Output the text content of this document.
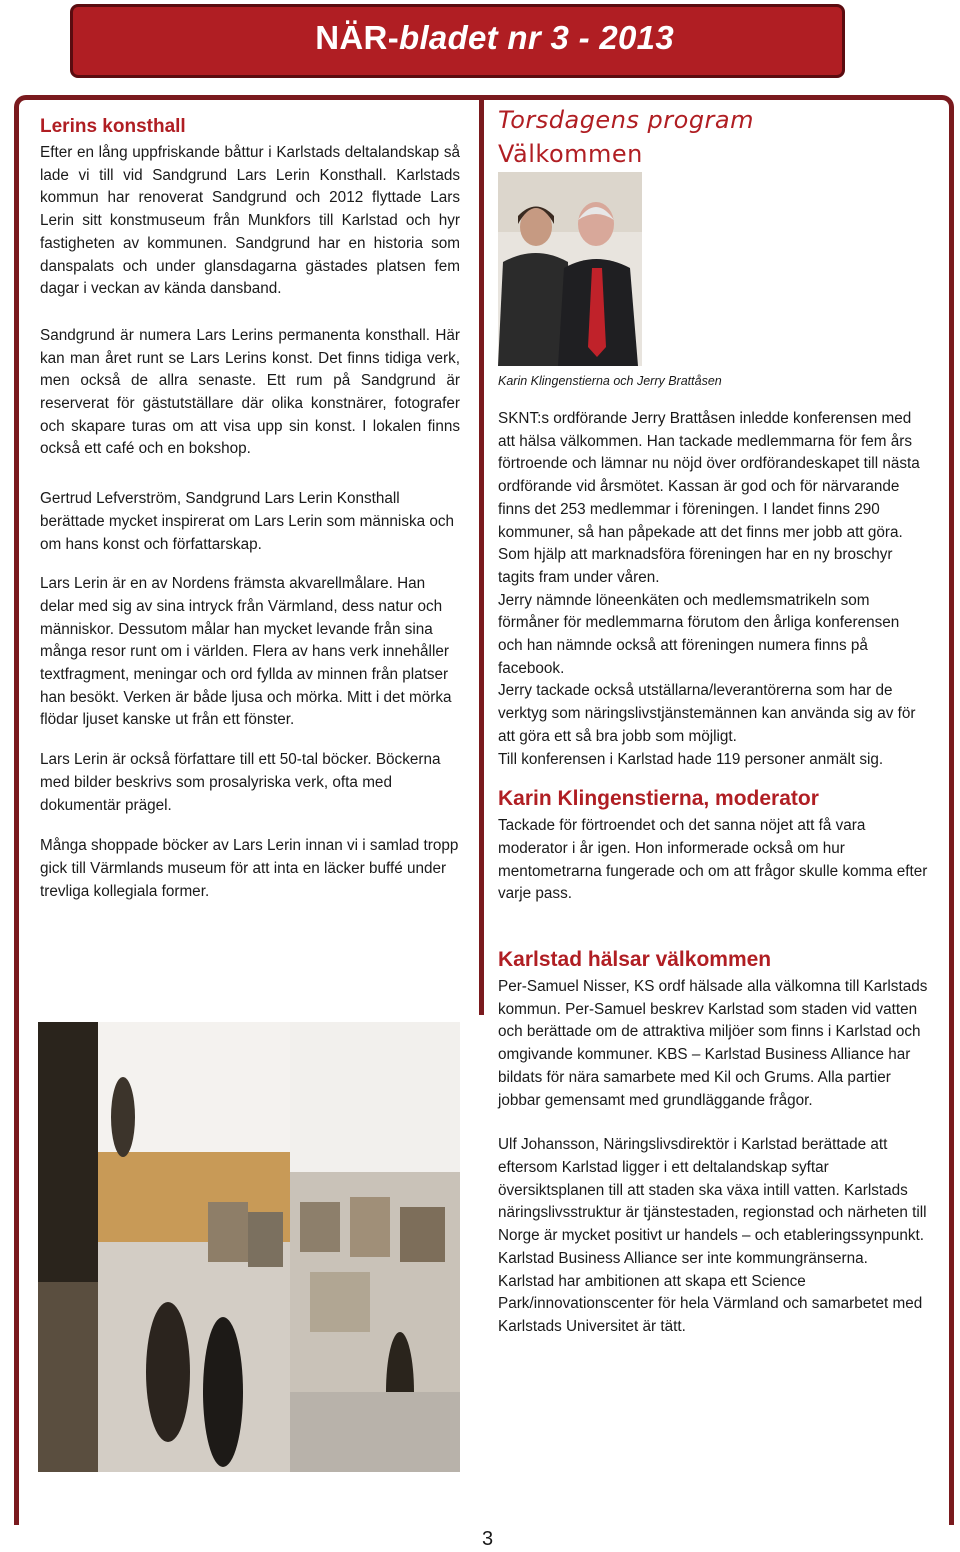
NÄR-bladet nr 3 - 2013
Lerins konsthall

Efter en lång uppfriskande båttur i Karlstads deltalandskap så lade vi till vid Sandgrund Lars Lerin Konsthall. Karlstads kommun har renoverat Sandgrund och 2012 flyttade Lars Lerin sitt konstmuseum från Munkfors till Karlstad och hyr fastigheten av kommunen. Sandgrund har en historia som danspalats och under glansdagarna gästades platsen fem dagar i veckan av kända dansband.

Sandgrund är numera Lars Lerins permanenta konsthall. Här kan man året runt se Lars Lerins konst. Det finns tidiga verk, men också de allra senaste. Ett rum på Sandgrund är reserverat för gästutställare där olika konstnärer, fotografer och skapare turas om att visa upp sin konst. I lokalen finns också ett café och en bokshop.

Gertrud Lefverström, Sandgrund Lars Lerin Konsthall berättade mycket inspirerat om Lars Lerin som människa och om hans konst och författarskap.

Lars Lerin är en av Nordens främsta akvarellmålare. Han delar med sig av sina intryck från Värmland, dess natur och människor. Dessutom målar han mycket levande från sina många resor runt om i världen. Flera av hans verk innehåller textfragment, meningar och ord fyllda av minnen från platser han besökt. Verken är både ljusa och mörka. Mitt i det mörka flödar ljuset kanske ut från ett fönster.

Lars Lerin är också författare till ett 50-tal böcker. Böckerna med bilder beskrivs som prosalyriska verk, ofta med dokumentär prägel.

Många shoppade böcker av Lars Lerin innan vi i samlad tropp gick till Värmlands museum för att inta en läcker buffé under trevliga kollegiala former.

Torsdagens program
Välkommen

Karin Klingenstierna och Jerry Brattåsen

SKNT:s ordförande Jerry Brattåsen inledde konferensen med att hälsa välkommen. Han tackade medlemmarna för fem års förtroende och lämnar nu nöjd över ordförandeskapet till nästa ordförande vid årsmötet. Kassan är god och för närvarande finns det 253 medlemmar i föreningen. I landet finns 290 kommuner, så han påpekade att det finns mer jobb att göra. Som hjälp att marknadsföra föreningen har en ny broschyr tagits fram under våren.

Jerry nämnde löneenkäten och medlemsmatrikeln som förmåner för medlemmarna förutom den årliga konferensen och han nämnde också att föreningen numera finns på facebook.

Jerry tackade också utställarna/leverantörerna som har de verktyg som näringslivstjänstemännen kan använda sig av för att göra ett så bra jobb som möjligt.

Till konferensen i Karlstad hade 119 personer anmält sig.

Karin Klingenstierna, moderator

Tackade för förtroendet och det sanna nöjet att få vara moderator i år igen. Hon informerade också om hur mentometrarna fungerade och om att frågor skulle komma efter varje pass.

Karlstad hälsar välkommen

Per-Samuel Nisser, KS ordf hälsade alla välkomna till Karlstads kommun. Per-Samuel beskrev Karlstad som staden vid vatten och berättade om de attraktiva miljöer som finns i Karlstad och omgivande kommuner. KBS – Karlstad Business Alliance har bildats för nära samarbete med Kil och Grums. Alla partier jobbar gemensamt med grundläggande frågor.

Ulf Johansson, Näringslivsdirektör i Karlstad berättade att eftersom Karlstad ligger i ett deltalandskap syftar översiktsplanen till att staden ska växa intill vatten. Karlstads näringslivsstruktur är tjänstestaden, regionstad och närheten till Norge är mycket positivt ur handels – och etableringssynpunkt. Karlstad Business Alliance ser inte kommungränserna. Karlstad har ambitionen att skapa ett Science Park/innovationscenter för hela Värmland och samarbetet med Karlstads Universitet är tätt.

3
